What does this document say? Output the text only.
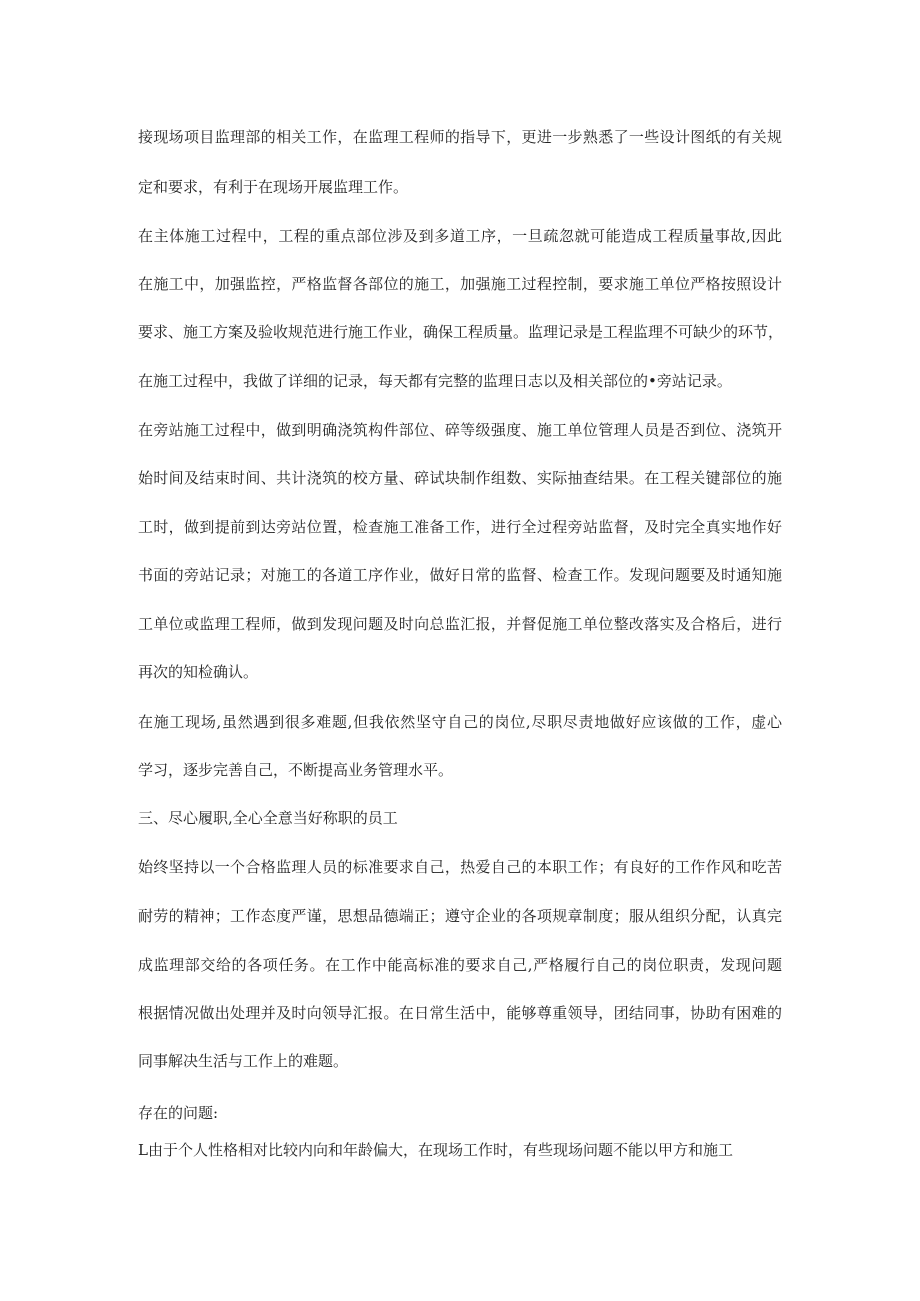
接现场项目监理部的相关工作，在监理工程师的指导下，更进一步熟悉了一些设计图纸的有关规
定和要求，有利于在现场开展监理工作。
在主体施工过程中，工程的重点部位涉及到多道工序，一旦疏忽就可能造成工程质量事故,因此
在施工中，加强监控，严格监督各部位的施工，加强施工过程控制，要求施工单位严格按照设计
要求、施工方案及验收规范进行施工作业，确保工程质量。监理记录是工程监理不可缺少的环节，
在施工过程中，我做了详细的记录，每天都有完整的监理日志以及相关部位的•旁站记录。
在旁站施工过程中，做到明确浇筑构件部位、碎等级强度、施工单位管理人员是否到位、浇筑开
始时间及结束时间、共计浇筑的校方量、碎试块制作组数、实际抽查结果。在工程关键部位的施
工时，做到提前到达旁站位置，检查施工准备工作，进行全过程旁站监督，及时完全真实地作好
书面的旁站记录；对施工的各道工序作业，做好日常的监督、检查工作。发现问题要及时通知施
工单位或监理工程师，做到发现问题及时向总监汇报，并督促施工单位整改落实及合格后，进行
再次的知检确认。
在施工现场,虽然遇到很多难题,但我依然坚守自己的岗位,尽职尽责地做好应该做的工作，虚心
学习，逐步完善自己，不断提高业务管理水平。
三、尽心履职,全心全意当好称职的员工
始终坚持以一个合格监理人员的标准要求自己，热爱自己的本职工作；有良好的工作作风和吃苦
耐劳的精神；工作态度严谨，思想品德端正；遵守企业的各项规章制度；服从组织分配，认真完
成监理部交给的各项任务。在工作中能高标准的要求自己,严格履行自己的岗位职责，发现问题
根据情况做出处理并及时向领导汇报。在日常生活中，能够尊重领导，团结同事，协助有困难的
同事解决生活与工作上的难题。
存在的问题:
L由于个人性格相对比较内向和年龄偏大，在现场工作时，有些现场问题不能以甲方和施工
